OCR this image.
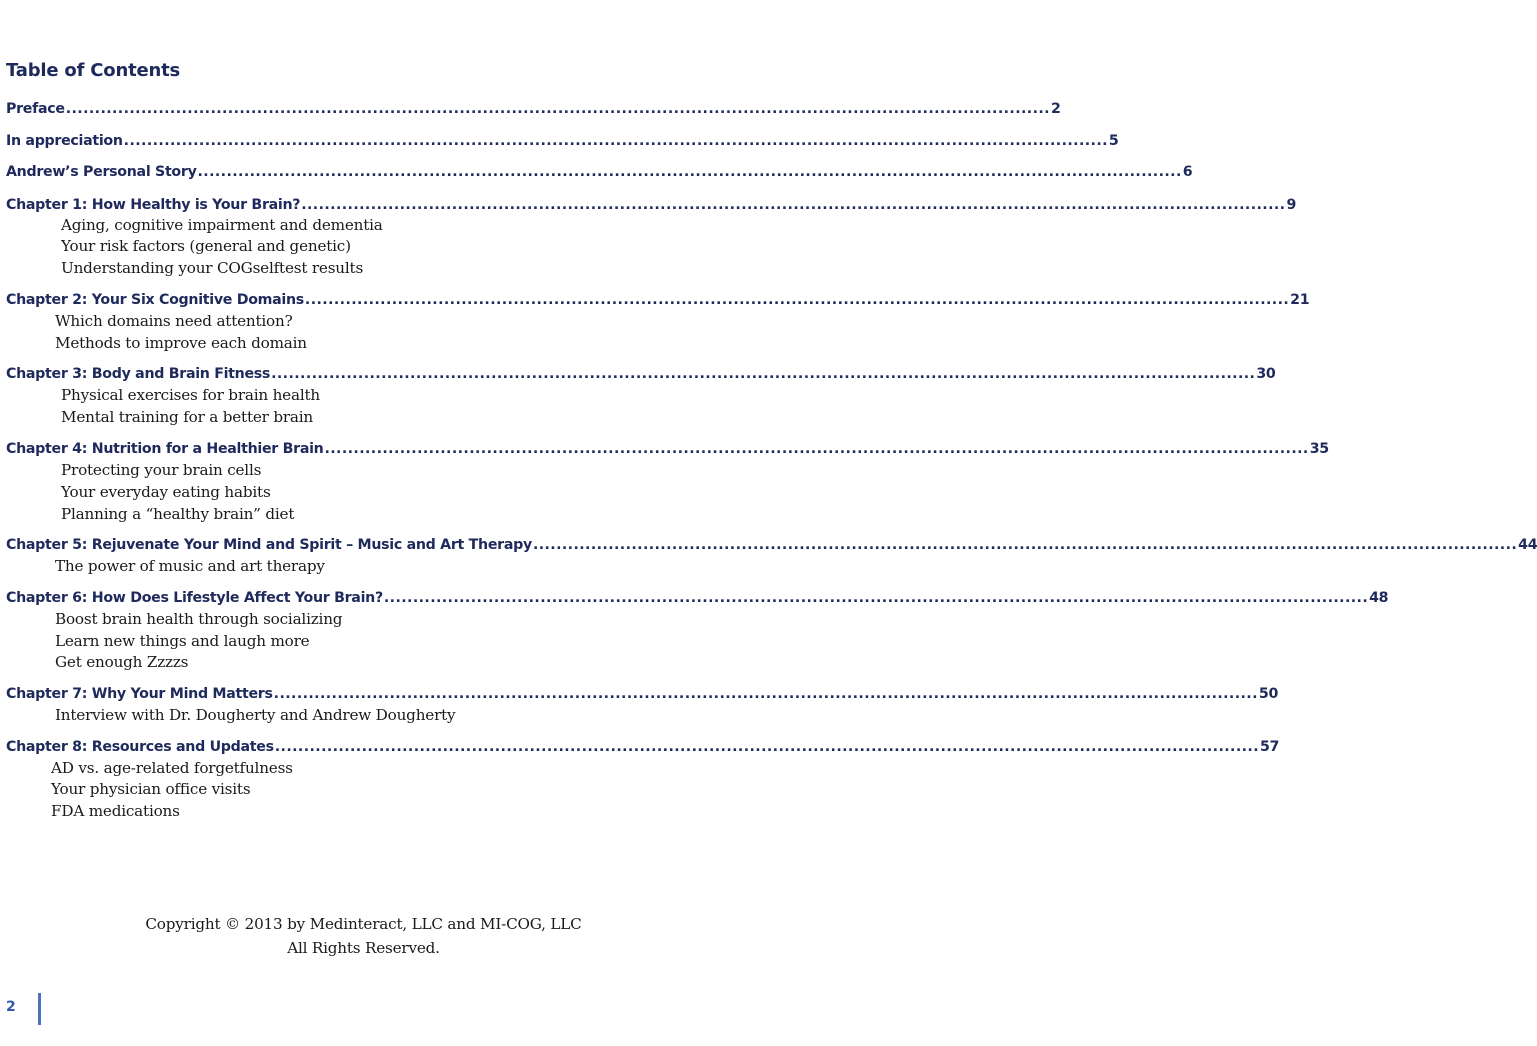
Table of Contents
Preface .......................................................................................................................................................................... 2
In appreciation .......................................................................................................................................................................... 5
Andrew’s Personal Story .......................................................................................................................................................................... 6
Chapter 1: How Healthy is Your Brain? .......................................................................................................................................................................... 9
Aging, cognitive impairment and dementia
Your risk factors (general and genetic)
Understanding your COGselftest results
Chapter 2: Your Six Cognitive Domains .......................................................................................................................................................................... 21
Which domains need attention?
Methods to improve each domain
Chapter 3: Body and Brain Fitness .......................................................................................................................................................................... 30
Physical exercises for brain health
Mental training for a better brain
Chapter 4: Nutrition for a Healthier Brain .......................................................................................................................................................................... 35
Protecting your brain cells
Your everyday eating habits
Planning a “healthy brain” diet
Chapter 5: Rejuvenate Your Mind and Spirit – Music and Art Therapy .......................................................................................................................................................................... 44
The power of music and art therapy
Chapter 6: How Does Lifestyle Affect Your Brain? .......................................................................................................................................................................... 48
Boost brain health through socializing
Learn new things and laugh more
Get enough Zzzzs
Chapter 7: Why Your Mind Matters .......................................................................................................................................................................... 50
Interview with Dr. Dougherty and Andrew Dougherty
Chapter 8: Resources and Updates .......................................................................................................................................................................... 57
AD vs. age-related forgetfulness
Your physician office visits
FDA medications
Copyright © 2013 by Medinteract, LLC and MI-COG, LLC
All Rights Reserved.
2
